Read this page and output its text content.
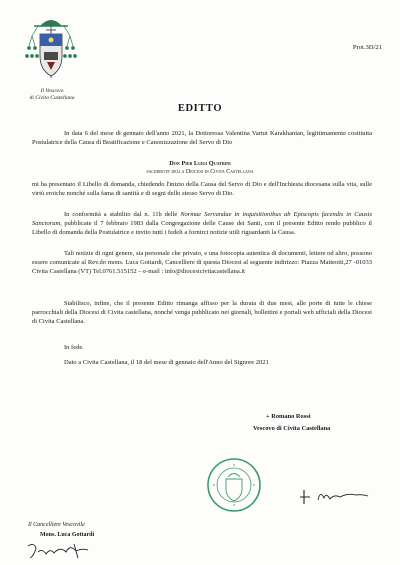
Il Vescovo
di Civita Castellana
Prot.3D/21
EDITTO
In data 6 del mese di gennaio dell'anno 2021, la Dottoressa Valentina Vartui Karakhanian, legittimamente costituita Postulatrice della Causa di Beatificazione e Canonizzazione del Servo di Dio
Don Pier Luigi Quatrini
sacerdote della Diocesi di Civita Castellana
mi ha presentato il Libello di domanda, chiedendo l'inizio della Causa del Servo di Dio e dell'Inchiesta diocesana sulla vita, sulle virtù eroiche nonché sulla fama di santità e di segni dello stesso Servo di Dio.
In conformità a stabilito dal n. 11b delle Normae Servandae in inquisitionibus ab Episcopis facendis in Causis Sanctorum, pubblicate il 7 febbraio 1983 dalla Congregazione delle Cause dei Santi, con il presente Editto rendo pubblico il Libello di domanda della Postulatrice e invito tutti i fedeli a fornirci notizie utili riguardanti la Causa.
Tali notizie di ogni genere, sia personale che privato, e una fotocopia autentica di documenti, lettere od altro, possono essere comunicate al Rev.do mons. Luca Gottardi, Cancelliere di questa Diocesi al seguente indirizzo: Piazza Matteotti,27 -01033 Civita Castellana (VT) Tel.0761.515152 – e-mail : info@diocesicivitacastellana.it
Stabilisco, infine, che il presente Editto rimanga affisso per la durata di due mesi, alle porte di tutte le chiese parrocchiali della Diocesi di Civita castellana, nonché venga pubblicato nei giornali, bollettini e portali web ufficiali della Diocesi di Civita Castellana.
In fede.
Dato a Civita Castellana, il 18 del mese di gennaio dell'Anno del Signore 2021
+ Romano Rossi
Vescovo di Civita Castellana
Il Cancelliere Vescovile
Mons. Luca Gottardi
